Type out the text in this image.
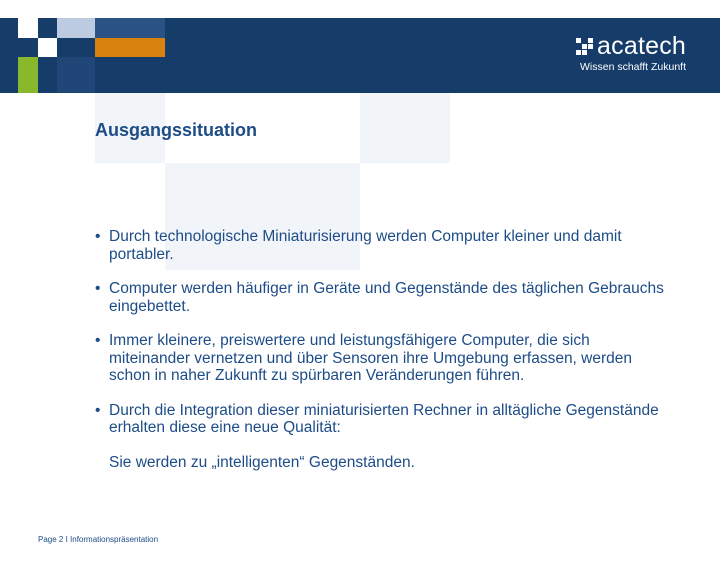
acatech
Wissen schafft Zukunft
Ausgangssituation
• Durch technologische Miniaturisierung werden Computer kleiner und damit portabler.
• Computer werden häufiger in Geräte und Gegenstände des täglichen Gebrauchs eingebettet.
• Immer kleinere, preiswertere und leistungsfähigere Computer, die sich miteinander vernetzen und über Sensoren ihre Umgebung erfassen, werden schon in naher Zukunft zu spürbaren Veränderungen führen.
• Durch die Integration dieser miniaturisierten Rechner in alltägliche Gegenstände erhalten diese eine neue Qualität:
Sie werden zu „intelligenten“ Gegenständen.
Page 2 I Informationspräsentation
